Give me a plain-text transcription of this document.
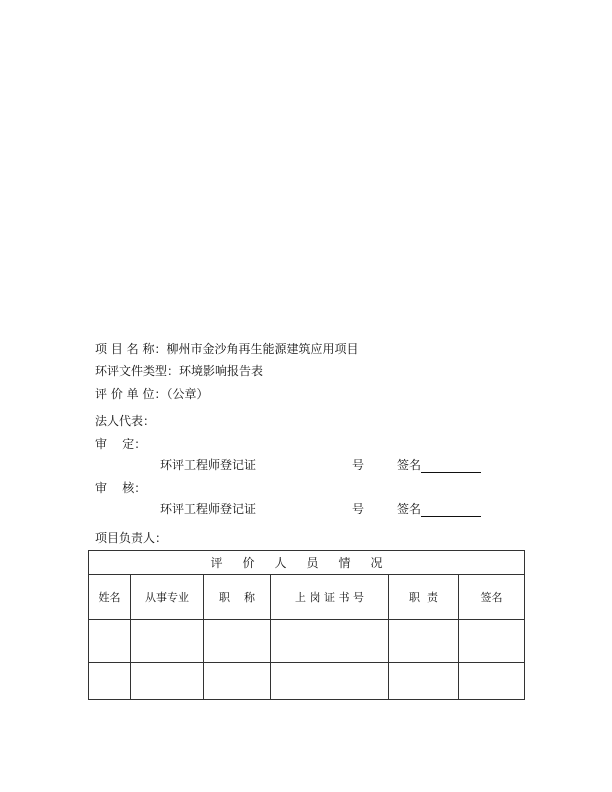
项 目 名 称：柳州市金沙角再生能源建筑应用项目
环评文件类型：环境影响报告表
评 价 单 位：（公章）
法人代表：
审    定：
环评工程师登记证	号	签名
审    核：
环评工程师登记证	号	签名
项目负责人：
评价人员情况					
姓名	从事专业	职    称	上 岗 证 书 号	职  责	签名
